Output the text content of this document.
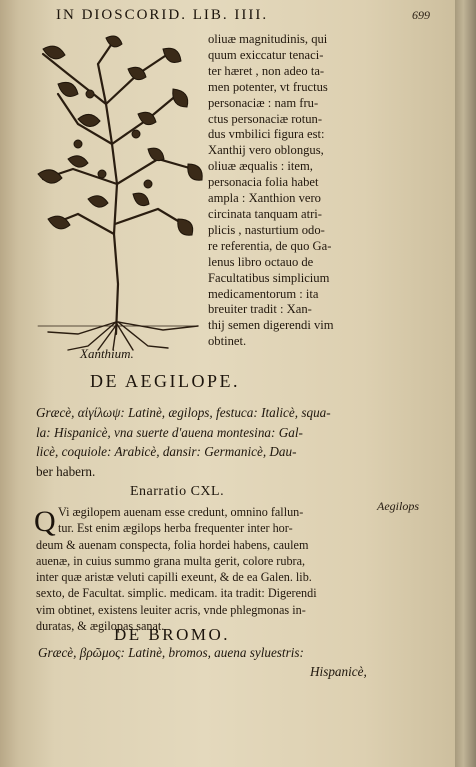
IN DIOSCORID. LIB. IIII.	699
Xanthium.
oliuæ magnitudinis, qui
quum exiccatur tenaci-
ter hæret , non adeo ta-
men potenter, vt fructus
personaciæ : nam fru-
ctus personaciæ rotun-
dus vmbilici figura est:
Xanthij vero oblongus,
oliuæ æqualis : item,
personacia folia habet
ampla : Xanthion vero
circinata tanquam atri-
plicis , nasturtium odo-
re referentia, de quo Ga-
lenus libro octauo de
Facultatibus simplicium
medicamentorum : ita
breuiter tradit : Xan-
thij semen digerendi vim
obtinet.
DE AEGILOPE.
Græcè, αἰγίλωψ: Latinè, ægilops, festuca: Italicè, squa-
la: Hispanicè, vna suerte d'auena montesina: Gal-
licè, coquiole: Arabicè, dansir: Germanicè, Dau-
ber habern.
Enarratio CXL.
Aegilops
Q Vi ægilopem auenam esse credunt, omnino fallun-
tur. Est enim ægilops herba frequenter inter hor-
deum & auenam conspecta, folia hordei habens, caulem
auenæ, in cuius summo grana multa gerit, colore rubra,
inter quæ aristæ veluti capilli exeunt, & de ea Galen. lib.
sexto, de Facultat. simplic. medicam. ita tradit: Digerendi
vim obtinet, existens leuiter acris, vnde phlegmonas in-
duratas, & ægilopas sanat.
DE BROMO.
Græcè, βρῶμος: Latinè, bromos, auena syluestris:
Hispanicè,
